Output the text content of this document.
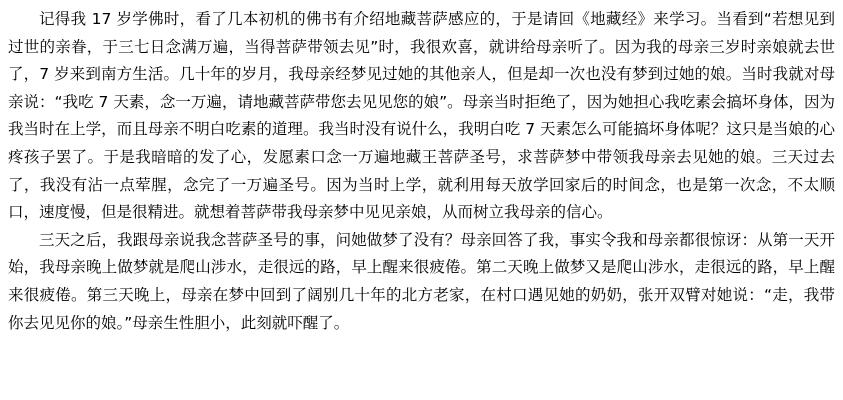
记得我 17 岁学佛时，看了几本初机的佛书有介绍地藏菩萨感应的，于是请回《地藏经》来学习。当看到“若想见到过世的亲眷，于三七日念满万遍，当得菩萨带领去见”时，我很欢喜，就讲给母亲听了。因为我的母亲三岁时亲娘就去世了，7 岁来到南方生活。几十年的岁月，我母亲经梦见过她的其他亲人，但是却一次也没有梦到过她的娘。当时我就对母亲说：“我吃 7 天素，念一万遍，请地藏菩萨带您去见见您的娘”。母亲当时拒绝了，因为她担心我吃素会搞坏身体，因为我当时在上学，而且母亲不明白吃素的道理。我当时没有说什么，我明白吃 7 天素怎么可能搞坏身体呢？这只是当娘的心疼孩子罢了。于是我暗暗的发了心，发愿素口念一万遍地藏王菩萨圣号，求菩萨梦中带领我母亲去见她的娘。三天过去了，我没有沾一点荤腥，念完了一万遍圣号。因为当时上学，就利用每天放学回家后的时间念，也是第一次念，不太顺口，速度慢，但是很精进。就想着菩萨带我母亲梦中见见亲娘，从而树立我母亲的信心。

三天之后，我跟母亲说我念菩萨圣号的事，问她做梦了没有？母亲回答了我，事实令我和母亲都很惊讶：从第一天开始，我母亲晚上做梦就是爬山涉水，走很远的路，早上醒来很疲倦。第二天晚上做梦又是爬山涉水，走很远的路，早上醒来很疲倦。第三天晚上，母亲在梦中回到了阔别几十年的北方老家，在村口遇见她的奶奶，张开双臂对她说：“走，我带你去见见你的娘。”母亲生性胆小，此刻就吓醒了。
